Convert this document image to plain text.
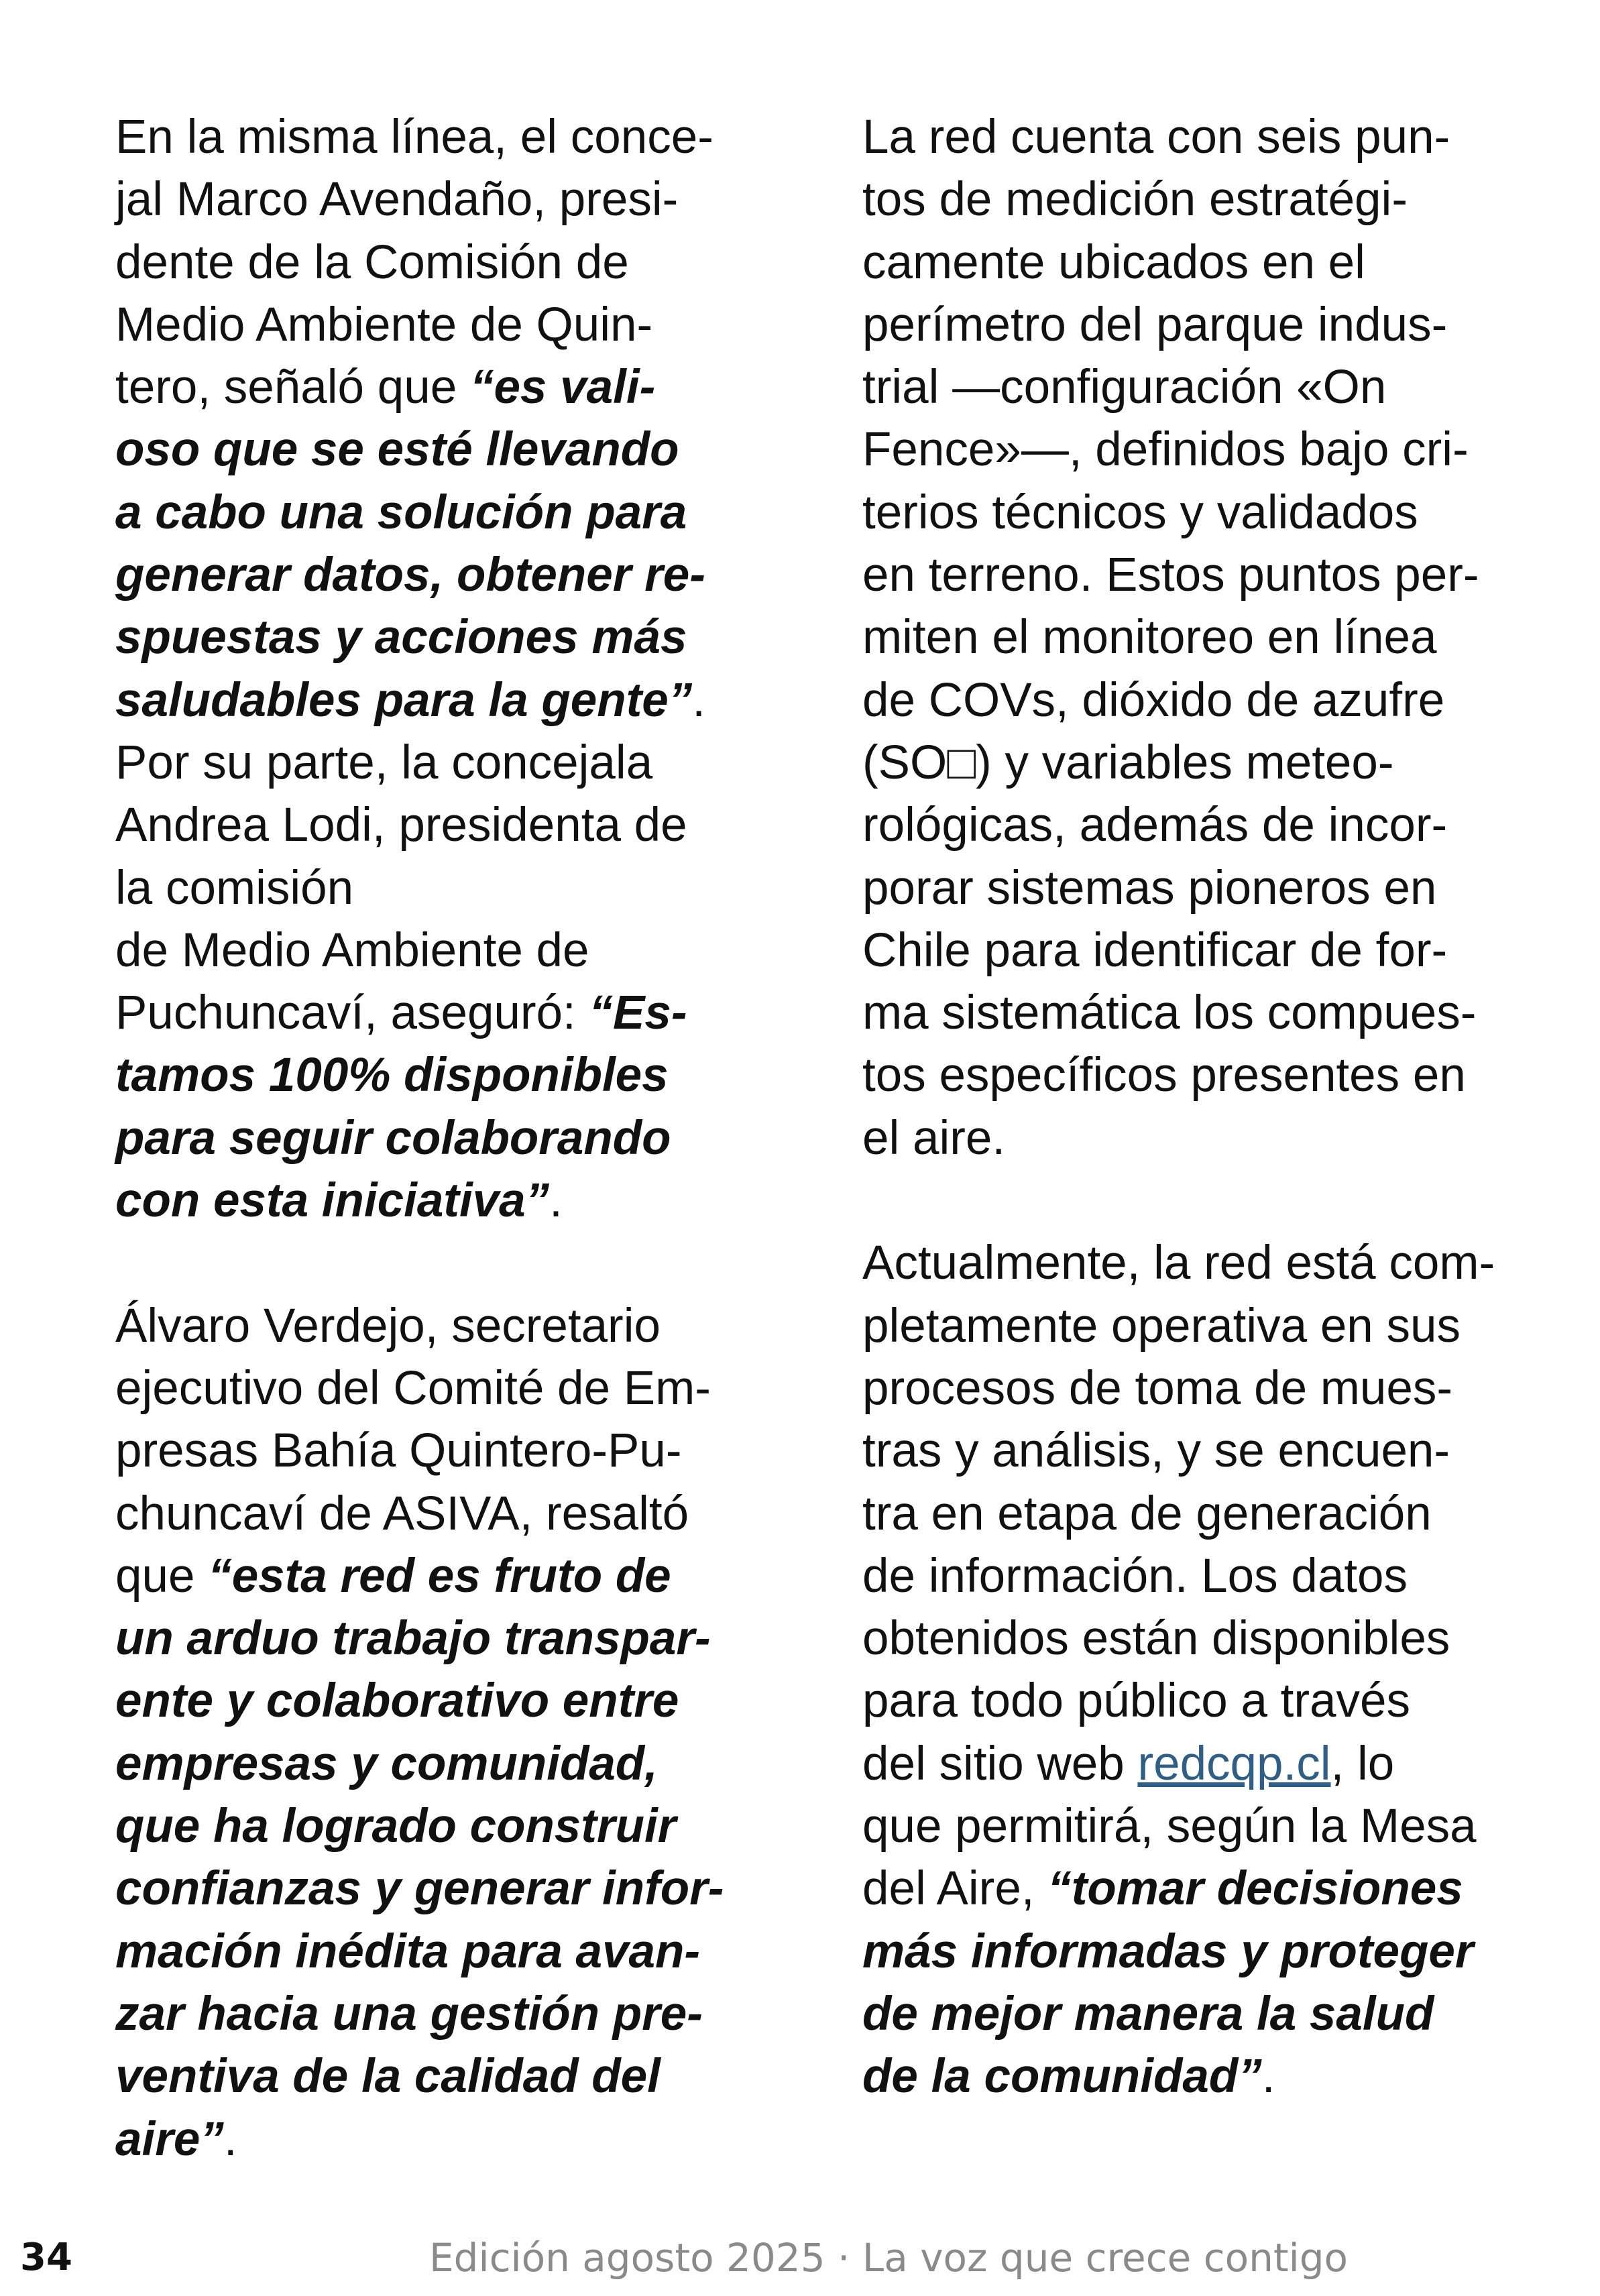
En la misma línea, el conce-
jal Marco Avendaño, presi-
dente de la Comisión de
Medio Ambiente de Quin-
tero, señaló que “es vali-
oso que se esté llevando
a cabo una solución para
generar datos, obtener re-
spuestas y acciones más
saludables para la gente”.
Por su parte, la concejala
Andrea Lodi, presidenta de
la comisión
de Medio Ambiente de
Puchuncaví, aseguró: “Es-
tamos 100% disponibles
para seguir colaborando
con esta iniciativa”.
Álvaro Verdejo, secretario
ejecutivo del Comité de Em-
presas Bahía Quintero-Pu-
chuncaví de ASIVA, resaltó
que “esta red es fruto de
un arduo trabajo transpar-
ente y colaborativo entre
empresas y comunidad,
que ha logrado construir
confianzas y generar infor-
mación inédita para avan-
zar hacia una gestión pre-
ventiva de la calidad del
aire”.
La red cuenta con seis pun-
tos de medición estratégi-
camente ubicados en el
perímetro del parque indus-
trial —configuración «On
Fence»—, definidos bajo cri-
terios técnicos y validados
en terreno. Estos puntos per-
miten el monitoreo en línea
de COVs, dióxido de azufre
(SO□) y variables meteo-
rológicas, además de incor-
porar sistemas pioneros en
Chile para identificar de for-
ma sistemática los compues-
tos específicos presentes en
el aire.
Actualmente, la red está com-
pletamente operativa en sus
procesos de toma de mues-
tras y análisis, y se encuen-
tra en etapa de generación
de información. Los datos
obtenidos están disponibles
para todo público a través
del sitio web redcqp.cl, lo
que permitirá, según la Mesa
del Aire, “tomar decisiones
más informadas y proteger
de mejor manera la salud
de la comunidad”.
34	Edición agosto 2025 · La voz que crece contigo
